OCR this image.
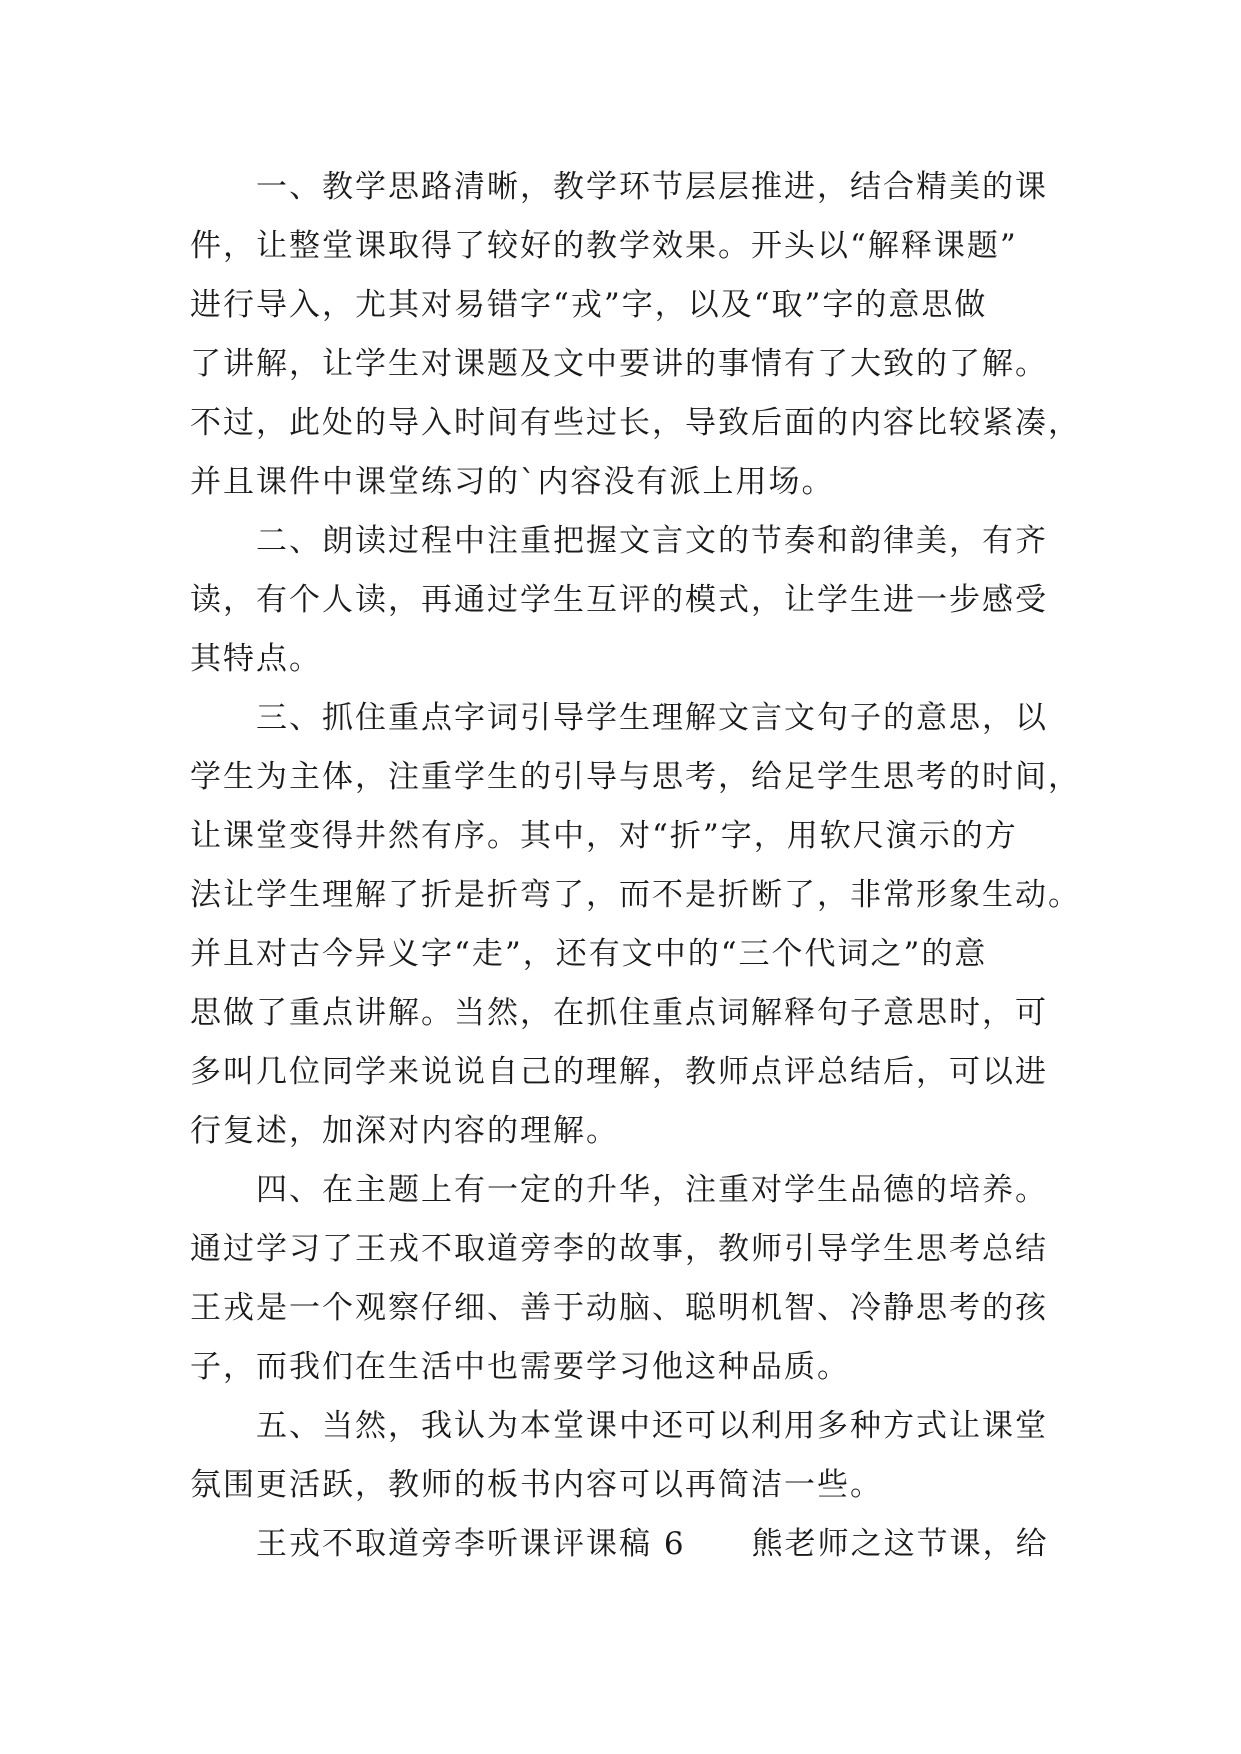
一、教学思路清晰，教学环节层层推进，结合精美的课
件，让整堂课取得了较好的教学效果。开头以“解释课题”
进行导入，尤其对易错字“戎”字，以及“取”字的意思做
了讲解，让学生对课题及文中要讲的事情有了大致的了解。
不过，此处的导入时间有些过长，导致后面的内容比较紧凑，
并且课件中课堂练习的`内容没有派上用场。
二、朗读过程中注重把握文言文的节奏和韵律美，有齐
读，有个人读，再通过学生互评的模式，让学生进一步感受
其特点。
三、抓住重点字词引导学生理解文言文句子的意思，以
学生为主体，注重学生的引导与思考，给足学生思考的时间，
让课堂变得井然有序。其中，对“折”字，用软尺演示的方
法让学生理解了折是折弯了，而不是折断了，非常形象生动。
并且对古今异义字“走”，还有文中的“三个代词之”的意
思做了重点讲解。当然，在抓住重点词解释句子意思时，可
多叫几位同学来说说自己的理解，教师点评总结后，可以进
行复述，加深对内容的理解。
四、在主题上有一定的升华，注重对学生品德的培养。
通过学习了王戎不取道旁李的故事，教师引导学生思考总结
王戎是一个观察仔细、善于动脑、聪明机智、冷静思考的孩
子，而我们在生活中也需要学习他这种品质。
五、当然，我认为本堂课中还可以利用多种方式让课堂
氛围更活跃，教师的板书内容可以再简洁一些。
王戎不取道旁李听课评课稿 6　　熊老师之这节课，给
